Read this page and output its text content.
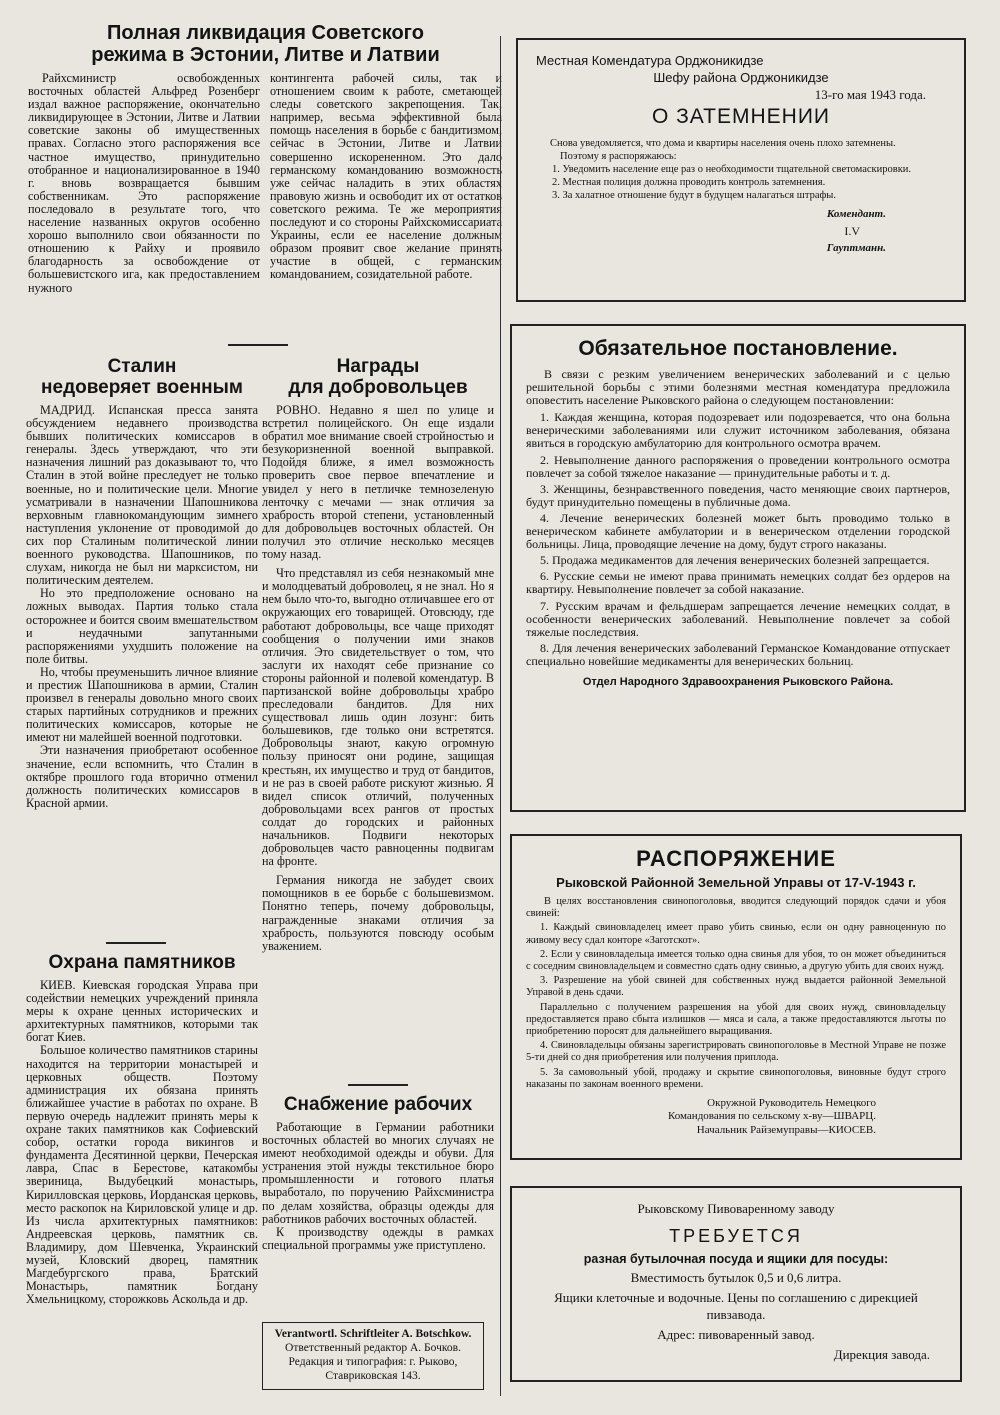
Полная ликвидация Советского режима в Эстонии, Литве и Латвии
Райхсминистр освобожденных восточных областей Альфред Розенберг издал важное распоряжение, окончательно ликвидирующее в Эстонии, Литве и Латвии советские законы об имущественных правах. Согласно этого распоряжения все частное имущество, принудительно отобранное и национализированное в 1940 г. вновь возвращается бывшим собственникам. Это распоряжение последовало в результате того, что население названных округов особенно хорошо выполнило свои обязанности по отношению к Райху и проявило благодарность за освобождение от большевистского ига, как предоставлением нужного
контингента рабочей силы, так и отношением своим к работе, сметающей следы советского закрепощения. Так, например, весьма эффективной была помощь населения в борьбе с бандитизмом, сейчас в Эстонии, Литве и Латвии совершенно искорененном. Это дало германскому командованию возможность уже сейчас наладить в этих областях правовую жизнь и освободит их от остатков советского режима. Те же мероприятия последуют и со стороны Райхскомиссариата Украины, если ее население должным образом проявит свое желание принять участие в общей, с германским командованием, созидательной работе.
Сталин
недоверяет военным

МАДРИД. Испанская пресса занята обсуждением недавнего производства бывших политических комиссаров в генералы. Здесь утверждают, что эти назначения лишний раз доказывают то, что Сталин в этой войне преследует не только военные, но и политические цели. Многие усматривали в назначении Шапошникова верховным главнокомандующим зимнего наступления уклонение от проводимой до сих пор Сталиным политической линии военного руководства. Шапошников, по слухам, никогда не был ни марксистом, ни политическим деятелем.

Но это предположение основано на ложных выводах. Партия только стала осторожнее и боится своим вмешательством и неудачными запутанными распоряжениями ухудшить положение на поле битвы.

Но, чтобы преуменьшить личное влияние и престиж Шапошникова в армии, Сталин произвел в генералы довольно много своих старых партийных сотрудников и прежних политических комиссаров, которые не имеют ни малейшей военной подготовки.

Эти назначения приобретают особенное значение, если вспомнить, что Сталин в октябре прошлого года вторично отменил должность политических комиссаров в Красной армии.

Охрана памятников

КИЕВ. Киевская городская Управа при содействии немецких учреждений приняла меры к охране ценных исторических и архитектурных памятников, которыми так богат Киев.

Большое количество памятников старины находится на территории монастырей и церковных обществ. Поэтому администрация их обязана принять ближайшее участие в работах по охране. В первую очередь надлежит принять меры к охране таких памятников как Софиевский собор, остатки города викингов и фундамента Десятинной церкви, Печерская лавра, Спас в Берестове, катакомбы звериница, Выдубецкий монастырь, Кирилловская церковь, Иорданская церковь, место раскопок на Кириловской улице и др. Из числа архитектурных памятников: Андреевская церковь, памятник св. Владимиру, дом Шевченка, Украинский музей, Кловский дворец, памятник Магдебургского права, Братский Монастырь, памятник Богдану Хмельницкому, сторожковь Аскольда и др.

Награды
для добровольцев

РОВНО. Недавно я шел по улице и встретил полицейского. Он еще издали обратил мое внимание своей стройностью и безукоризненной военной выправкой. Подойдя ближе, я имел возможность проверить свое первое впечатление и увидел у него в петличке темнозеленую ленточку с мечами — знак отличия за храбрость второй степени, установленный для добровольцев восточных областей. Он получил это отличие несколько месяцев тому назад.

Что представлял из себя незнакомый мне и молодцеватый доброволец, я не знал. Но я нем было что-то, выгодно отличавшее его от окружающих его товарищей. Отовсюду, где работают добровольцы, все чаще приходят сообщения о получении ими знаков отличия. Это свидетельствует о том, что заслуги их находят себе признание со стороны районной и полевой комендатур. В партизанской войне добровольцы храбро преследовали бандитов. Для них существовал лишь один лозунг: бить большевиков, где только они встретятся. Добровольцы знают, какую огромную пользу приносят они родине, защищая крестьян, их имущество и труд от бандитов, и не раз в своей работе рискуют жизнью. Я видел список отличий, полученных добровольцами всех рангов от простых солдат до городских и районных начальников. Подвиги некоторых добровольцев часто равноценны подвигам на фронте.

Германия никогда не забудет своих помощников в ее борьбе с большевизмом. Понятно теперь, почему добровольцы, награжденные знаками отличия за храбрость, пользуются повсюду особым уважением.

Снабжение рабочих

Работающие в Германии работники восточных областей во многих случаях не имеют необходимой одежды и обуви. Для устранения этой нужды текстильное бюро промышленности и готового платья выработало, по поручению Райхсминистра по делам хозяйства, образцы одежды для работников рабочих восточных областей.

К производству одежды в рамках специальной программы уже приступлено.

Verantwortl. Schriftleiter A. Botschkow.
Ответственный редактор А. Бочков.
Редакция и типография: г. Рыково,
Ставриковская 143.
Местная Комендатура Орджоникидзе
Шефу района Орджоникидзе
13-го мая 1943 года.
О ЗАТЕМНЕНИИ
Снова уведомляется, что дома и квартиры населения очень плохо затемнены.
Поэтому я распоряжаюсь:
1. Уведомить население еще раз о необходимости тщательной светомаскировки.
2. Местная полиция должна проводить контроль затемнения.
3. За халатное отношение будут в будущем налагаться штрафы.
Комендант.
I.V
Гауптманн.
Обязательное постановление.
В связи с резким увеличением венерических заболеваний и с целью решительной борьбы с этими болезнями местная комендатура предложила оповестить население Рыковского района о следующем постановлении:

1. Каждая женщина, которая подозревает или подозревается, что она больна венерическими заболеваниями или служит источником заболевания, обязана явиться в городскую амбулаторию для контрольного осмотра врачем.

2. Невыполнение данного распоряжения о проведении контрольного осмотра повлечет за собой тяжелое наказание — принудительные работы и т. д.

3. Женщины, безнравственного поведения, часто меняющие своих партнеров, будут принудительно помещены в публичные дома.

4. Лечение венерических болезней может быть проводимо только в венерическом кабинете амбулатории и в венерическом отделении городской больницы. Лица, проводящие лечение на дому, будут строго наказаны.

5. Продажа медикаментов для лечения венерических болезней запрещается.

6. Русские семьи не имеют права принимать немецких солдат без ордеров на квартиру. Невыполнение повлечет за собой наказание.

7. Русским врачам и фельдшерам запрещается лечение немецких солдат, в особенности венерических заболеваний. Невыполнение повлечет за собой тяжелые последствия.

8. Для лечения венерических заболеваний Германское Командование отпускает специально новейшие медикаменты для венерических больниц.

Отдел Народного Здравоохранения Рыковского Района.
РАСПОРЯЖЕНИЕ
Рыковской Районной Земельной Управы от 17-V-1943 г.
В целях восстановления свинопоголовья, вводится следующий порядок сдачи и убоя свиней:

1. Каждый свиновладелец имеет право убить свинью, если он одну равноценную по живому весу сдал конторе «Заготскот».

2. Если у свиновладельца имеется только одна свинья для убоя, то он может объединиться с соседним свиновладельцем и совместно сдать одну свинью, а другую убить для своих нужд.

3. Разрешение на убой свиней для собственных нужд выдается районной Земельной Управой в день сдачи.

Параллельно с получением разрешения на убой для своих нужд, свиновладельцу предоставляется право сбыта излишков — мяса и сала, а также предоставляются льготы по приобретению поросят для дальнейшего выращивания.

4. Свиновладельцы обязаны зарегистрировать свинопоголовье в Местной Управе не позже 5-ти дней со дня приобретения или получения приплода.

5. За самовольный убой, продажу и скрытие свинопоголовья, виновные будут строго наказаны по законам военного времени.

Окружной Руководитель Немецкого
Командования по сельскому х-ву—ШВАРЦ.
Начальник Райземуправы—КИОСЕВ.
Рыковскому Пивоваренному заводу
ТРЕБУЕТСЯ
разная бутылочная посуда и ящики для посуды:
Вместимость бутылок 0,5 и 0,6 литра.
Ящики клеточные и водочные. Цены по соглашению с дирекцией пивзавода.
Адрес: пивоваренный завод.
Дирекция завода.
